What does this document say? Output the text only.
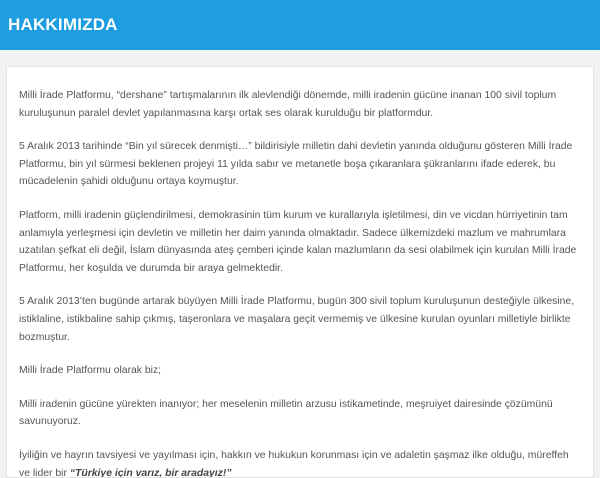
HAKKIMIZDA

Milli İrade Platformu, “dershane” tartışmalarının ilk alevlendiği dönemde, milli iradenin gücüne inanan 100 sivil toplum kuruluşunun paralel devlet yapılanmasına karşı ortak ses olarak kurulduğu bir platformdur.

5 Aralık 2013 tarihinde “Bin yıl sürecek denmişti…” bildirisiyle milletin dahi devletin yanında olduğunu gösteren Milli İrade Platformu, bin yıl sürmesi beklenen projeyi 11 yılda sabır ve metanetle boşa çıkaranlara şükranlarını ifade ederek, bu mücadelenin şahidi olduğunu ortaya koymuştur.

Platform, milli iradenin güçlendirilmesi, demokrasinin tüm kurum ve kurallarıyla işletilmesi, din ve vicdan hürriyetinin tam anlamıyla yerleşmesi için devletin ve milletin her daim yanında olmaktadır. Sadece ülkemizdeki mazlum ve mahrumlara uzatılan şefkat eli değil, İslam dünyasında ateş çemberi içinde kalan mazlumların da sesi olabilmek için kurulan Milli İrade Platformu, her koşulda ve durumda bir araya gelmektedir.

5 Aralık 2013’ten bugünde artarak büyüyen Milli İrade Platformu, bugün 300 sivil toplum kuruluşunun desteğiyle ülkesine, istiklaline, istikbaline sahip çıkmış, taşeronlara ve maşalara geçit vermemiş ve ülkesine kurulan oyunları milletiyle birlikte bozmuştur.

Milli İrade Platformu olarak biz;

Milli iradenin gücüne yürekten inanıyor; her meselenin milletin arzusu istikametinde, meşruiyet dairesinde çözümünü savunuyoruz.

İyiliğin ve hayrın tavsiyesi ve yayılması için, hakkın ve hukukun korunması için ve adaletin şaşmaz ilke olduğu, müreffeh ve lider bir “Türkiye için varız, bir aradayız!”
